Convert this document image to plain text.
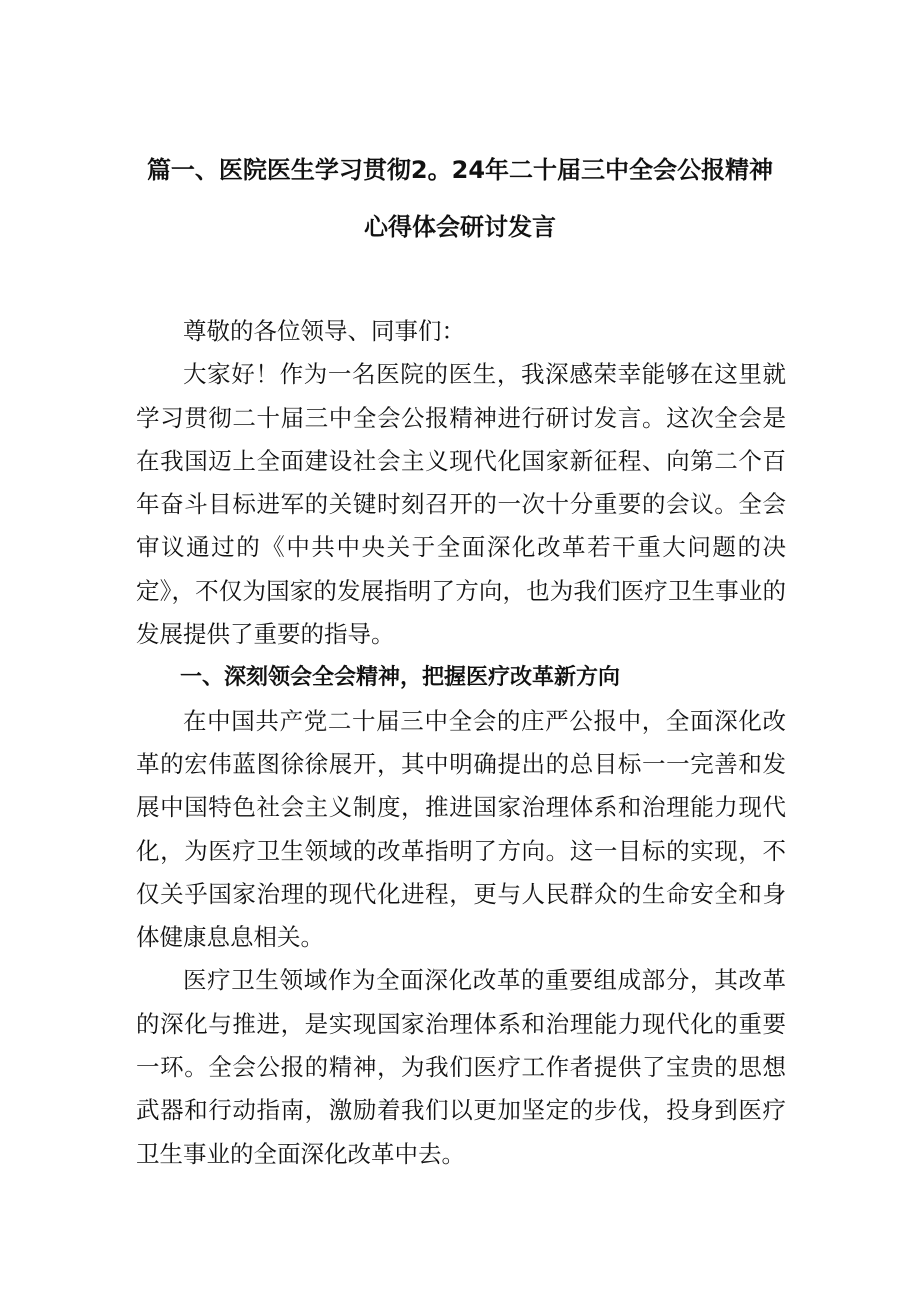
篇一、医院医生学习贯彻2。24年二十届三中全会公报精神
心得体会研讨发言

尊敬的各位领导、同事们：

大家好！作为一名医院的医生，我深感荣幸能够在这里就学习贯彻二十届三中全会公报精神进行研讨发言。这次全会是在我国迈上全面建设社会主义现代化国家新征程、向第二个百年奋斗目标进军的关键时刻召开的一次十分重要的会议。全会审议通过的《中共中央关于全面深化改革若干重大问题的决定》，不仅为国家的发展指明了方向，也为我们医疗卫生事业的发展提供了重要的指导。

一、深刻领会全会精神，把握医疗改革新方向

在中国共产党二十届三中全会的庄严公报中，全面深化改革的宏伟蓝图徐徐展开，其中明确提出的总目标一一完善和发展中国特色社会主义制度，推进国家治理体系和治理能力现代化，为医疗卫生领域的改革指明了方向。这一目标的实现，不仅关乎国家治理的现代化进程，更与人民群众的生命安全和身体健康息息相关。

医疗卫生领域作为全面深化改革的重要组成部分，其改革的深化与推进，是实现国家治理体系和治理能力现代化的重要一环。全会公报的精神，为我们医疗工作者提供了宝贵的思想武器和行动指南，激励着我们以更加坚定的步伐，投身到医疗卫生事业的全面深化改革中去。
